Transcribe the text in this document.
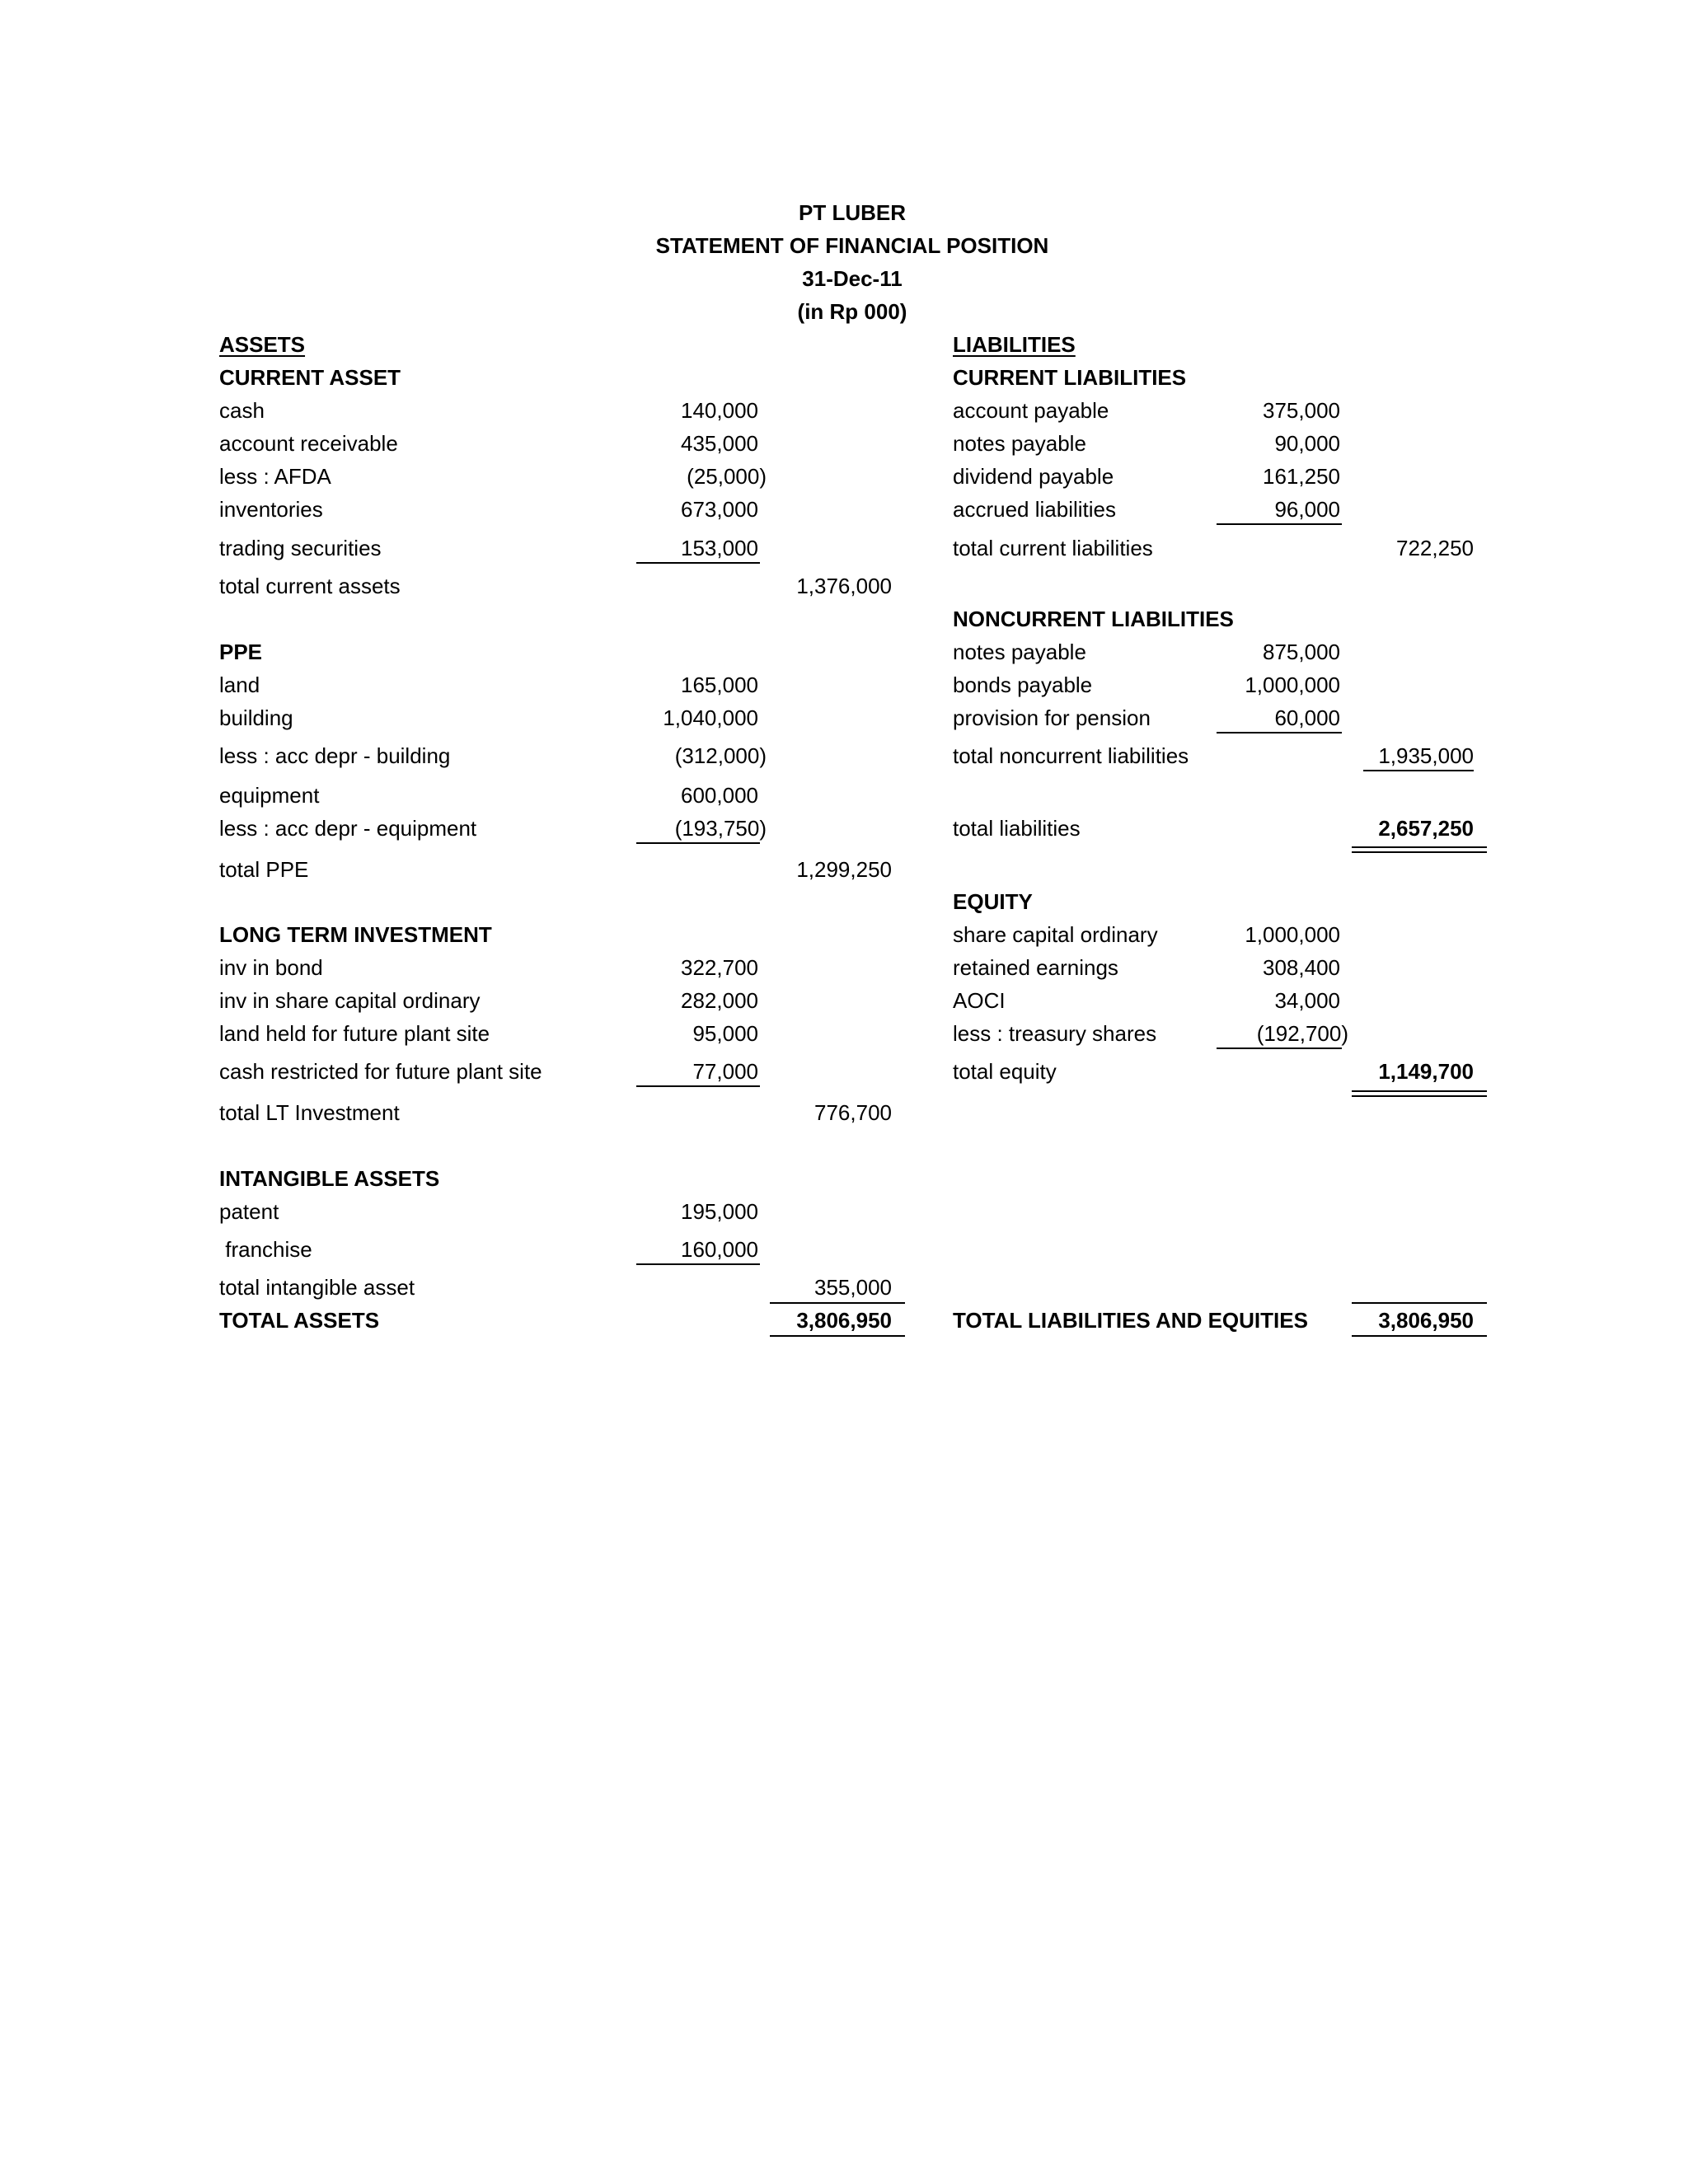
PT LUBER
STATEMENT OF FINANCIAL POSITION
31-Dec-11
(in Rp 000)
ASSETS
CURRENT ASSET
cash	140,000
account receivable	435,000
less : AFDA	(25,000)
inventories	673,000
trading securities	153,000
total current assets	1,376,000
PPE
land	165,000
building	1,040,000
less : acc depr - building	(312,000)
equipment	600,000
less : acc depr - equipment	(193,750)
total PPE	1,299,250
LONG TERM INVESTMENT
inv in bond	322,700
inv in share capital ordinary	282,000
land held for future plant site	95,000
cash restricted for future plant site	77,000
total LT Investment	776,700
INTANGIBLE ASSETS
patent	195,000
franchise	160,000
total intangible asset	355,000
TOTAL ASSETS	3,806,950
LIABILITIES
CURRENT LIABILITIES
account payable	375,000
notes payable	90,000
dividend payable	161,250
accrued liabilities	96,000
total current liabilities	722,250
NONCURRENT LIABILITIES
notes payable	875,000
bonds payable	1,000,000
provision for pension	60,000
total noncurrent liabilities	1,935,000
total liabilities	2,657,250
EQUITY
share capital ordinary	1,000,000
retained earnings	308,400
AOCI	34,000
less : treasury shares	(192,700)
total equity	1,149,700
TOTAL LIABILITIES AND EQUITIES	3,806,950
